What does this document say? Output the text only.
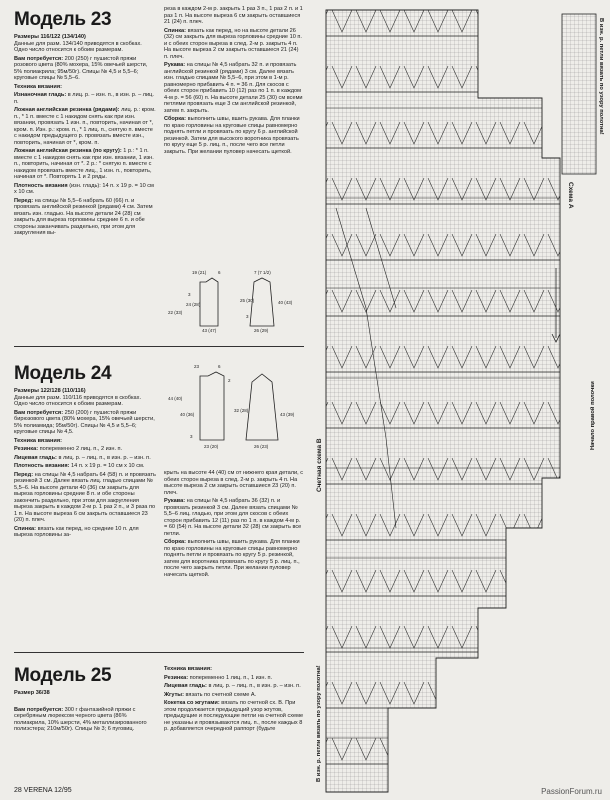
Модель 23

Размеры 116/122 (134/140)
Данные для разм. 134/140 приводятся в скобках. Одно число относится к обоим размерам.

Вам потребуется: 200 (250) г пушистой пряжи розового цвета (80% мохера, 15% овечьей шерсти, 5% полиакрила; 95м/50г). Спицы № 4,5 и 5,5–6; круговые спицы № 5,5–6.

Техника вязания:

Изнаночная гладь: в лиц. р. – изн. п., в изн. р. – лиц. п.

Ложная английская резинка (рядами): лиц. р.: кром. п., * 1 п. вместе с 1 накидом снять как при изн. вязании, провязать 1 изн. п., повторить, начиная от *, кром. п. Изн. р.: кром. п., * 1 лиц. п., снятую п. вместе с накидом предыдущего р. провязать вместе изн., повторить, начиная от *, кром. п.

Ложная английская резинка (по кругу): 1 р.: * 1 п. вместе с 1 накидом снять как при изн. вязании, 1 изн. п., повторить, начиная от *. 2 р.: * снятую п. вместе с накидом провязать вместе лиц., 1 изн. п., повторить, начиная от *. Повторять 1 и 2 ряды.

Плотность вязания (изн. гладь): 14 п. х 19 р. = 10 см х 10 см.

Перед: на спицы № 5,5–6 набрать 60 (66) п. и провязать английской резинкой (рядами) 4 см. Затем вязать изн. гладью. На высоте детали 24 (28) см закрыть для выреза горловины средние 6 п. и обе стороны заканчивать раздельно, при этом для закругления вы-

реза в каждом 2-м р. закрыть 1 раз 3 п., 1 раз 2 п. и 1 раз 1 п. На высоте выреза 6 см закрыть оставшиеся 21 (24) п. плеч.

Спинка: вязать как перед, но на высоте детали 26 (32) см закрыть для выреза горловины средние 10 п. и с обеих сторон выреза в след. 2-м р. закрыть 4 п. На высоте выреза 2 см закрыть оставшиеся 21 (24) п. плеч.

Рукава: на спицы № 4,5 набрать 32 п. и провязать английской резинкой (рядами) 3 см. Далее вязать изн. гладью спицами № 5,5–6, при этом в 1-м р. равномерно прибавить 4 п. = 36 п. Для скосов с обеих сторон прибавить 10 (12) раз по 1 п. в каждом 4-м р. = 56 (60) п. На высоте детали 25 (30) см всеми петлями провязать еще 3 см английской резинкой, затем п. закрыть.

Сборка: выполнить швы, вшить рукава. Для планки по краю горловины на круговые спицы равномерно поднять петли и провязать по кругу 6 р. английской резинкой. Затем для высокого воротника провязать по кругу еще 5 р. лиц. п., после чего все петли закрыть. При желании пуловер начесать щеткой.

19 (21)	6	7 (7 1/2)
3
24 (28)
43 (47)
22 (33)
25 (30)
3
26 (29)
40 (43)
Модель 24

Размеры 122/128 (110/116)
Данные для разм. 110/116 приводятся в скобках. Одно число относится к обоим размерам.

Вам потребуется: 250 (200) г пушистой пряжи бирюзового цвета (80% мохера, 15% овечьей шерсти, 5% полиамида; 95м/50г). Спицы № 4,5 и 5,5–6; круговые спицы № 4,5.

Техника вязания:

Резинка: попеременно 2 лиц. п., 2 изн. п.

Лицевая гладь: в лиц. р. – лиц. п., в изн. р. – изн. п.

Плотность вязания: 14 п. х 19 р. = 10 см х 10 см.

Перед: на спицы № 4,5 набрать 64 (58) п. и провязать резинкой 3 см. Далее вязать лиц. гладью спицами № 5,5–6. На высоте детали 40 (36) см закрыть для выреза горловины средние 8 п. и обе стороны закончить раздельно, при этом для закругления выреза закрыть в каждом 2-м р. 1 раз 2 п., и 3 раза по 1 п. На высоте выреза 6 см закрыть оставшиеся 23 (20) п. плеч.

Спинка: вязать как перед, но средние 10 п. для выреза горловины за-

23	6
2
44 (40)
40 (36)
3
23 (20)
32 (28)
26 (23)
43 (39)

крыть на высоте 44 (40) см от нижнего края детали, с обеих сторон выреза в след. 2-м р. закрыть 4 п. На высоте выреза 2 см закрыть оставшиеся 23 (20) п. плеч.

Рукава: на спицы № 4,5 набрать 36 (32) п. и провязать резинкой 3 см. Далее вязать спицами № 5,5–6 лиц. гладью, при этом для скосов с обеих сторон прибавить 12 (11) раз по 1 п. в каждом 4-м р. = 60 (54) п. На высоте детали 32 (28) см закрыть все петли.

Сборка: выполнить швы, вшить рукава. Для планки по краю горловины на круговые спицы равномерно поднять петли и провязать по кругу 5 р. резинкой, затем для воротника провязать по кругу 5 р. лиц. п., после чего закрыть петли. При желании пуловер начесать щеткой.

Модель 25

Размер 36/38

Вам потребуется: 300 г фантазийной пряжи с серебряным люрексом черного цвета (86% полиакрила, 10% шерсти, 4% металлизированного полиэстера; 210м/50г). Спицы № 3; 6 пуговиц.

Техника вязания:

Резинка: попеременно 1 лиц. п., 1 изн. п.

Лицевая гладь: в лиц. р. – лиц. п., в изн. р. – изн. п.

Жгуты: вязать по счетной схеме А.

Кокетка со жгутами: вязать по счетной сх. В. При этом продолжается предыдущий узор жгутов, предыдущие и последующие петли на счетной схеме не указаны и провязываются лиц. п., после каждых 8 р. добавляется очередной раппорт (будьте

Счетная схема В
Схема А
В изн. р. петли вязать по узору полотна!
Начало правой полочки
В изн. р. петли вязать по узору полотна!
28 VERENA 12/95	PassionForum.ru
